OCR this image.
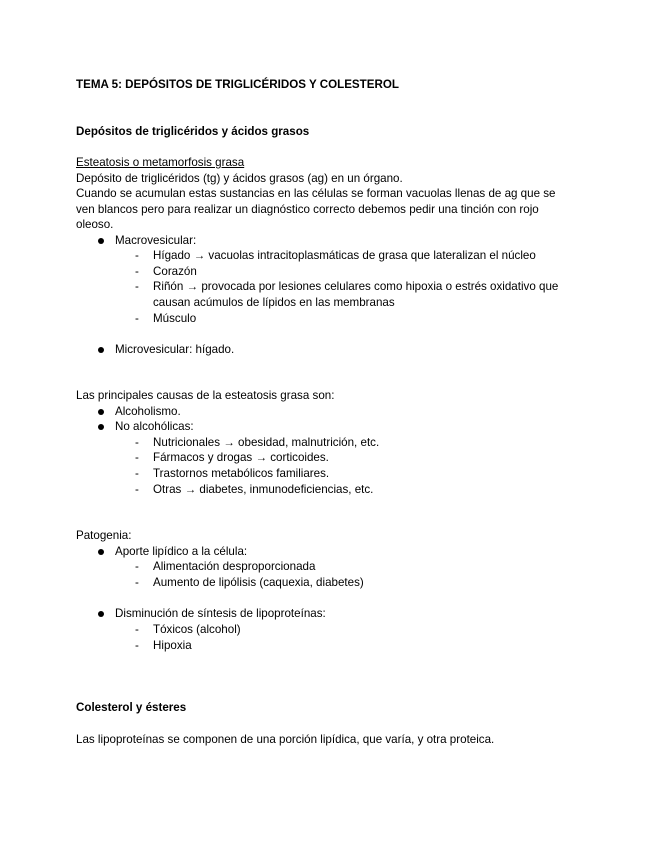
TEMA 5: DEPÓSITOS DE TRIGLICÉRIDOS Y COLESTEROL
Depósitos de triglicéridos y ácidos grasos
Esteatosis o metamorfosis grasa
Depósito de triglicéridos (tg) y ácidos grasos (ag) en un órgano.
Cuando se acumulan estas sustancias en las células se forman vacuolas llenas de ag que se
ven blancos pero para realizar un diagnóstico correcto debemos pedir una tinción con rojo
oleoso.
Macrovesicular:
- Hígado → vacuolas intracitoplasmáticas de grasa que lateralizan el núcleo
- Corazón
- Riñón → provocada por lesiones celulares como hipoxia o estrés oxidativo que
causan acúmulos de lípidos en las membranas
- Músculo
Microvesicular: hígado.
Las principales causas de la esteatosis grasa son:
Alcoholismo.
No alcohólicas:
- Nutricionales → obesidad, malnutrición, etc.
- Fármacos y drogas → corticoides.
- Trastornos metabólicos familiares.
- Otras → diabetes, inmunodeficiencias, etc.
Patogenia:
Aporte lipídico a la célula:
- Alimentación desproporcionada
- Aumento de lipólisis (caquexia, diabetes)
Disminución de síntesis de lipoproteínas:
- Tóxicos (alcohol)
- Hipoxia
Colesterol y ésteres
Las lipoproteínas se componen de una porción lipídica, que varía, y otra proteica.
